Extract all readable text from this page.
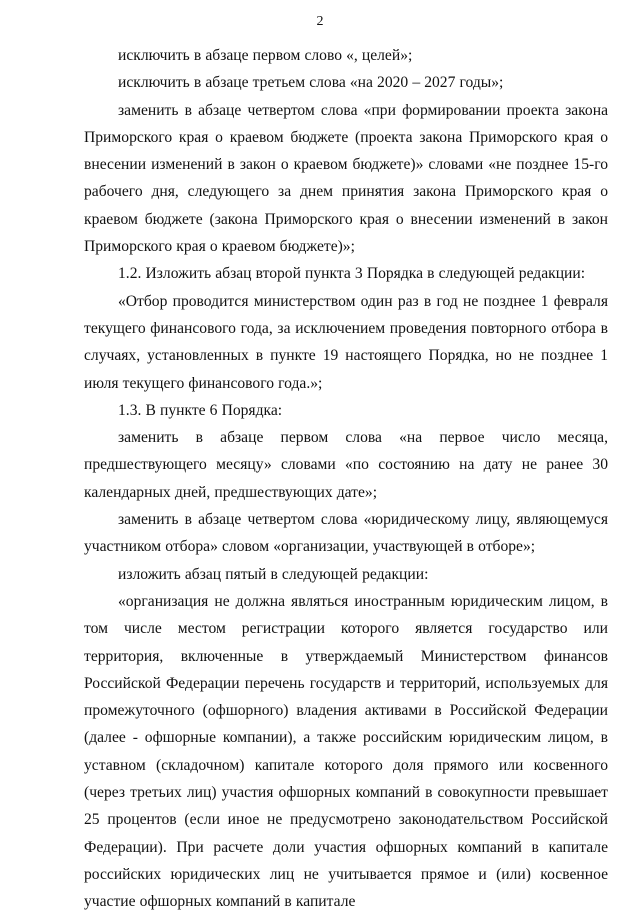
2

исключить в абзаце первом слово «, целей»;

исключить в абзаце третьем слова «на 2020 – 2027 годы»;

заменить в абзаце четвертом слова «при формировании проекта закона Приморского края о краевом бюджете (проекта закона Приморского края о внесении изменений в закон о краевом бюджете)» словами «не позднее 15-го рабочего дня, следующего за днем принятия закона Приморского края о краевом бюджете (закона Приморского края о внесении изменений в закон Приморского края о краевом бюджете)»;

1.2. Изложить абзац второй пункта 3 Порядка в следующей редакции:

«Отбор проводится министерством один раз в год не позднее 1 февраля текущего финансового года, за исключением проведения повторного отбора в случаях, установленных в пункте 19 настоящего Порядка, но не позднее 1 июля текущего финансового года.»;

1.3. В пункте 6 Порядка:

заменить в абзаце первом слова «на первое число месяца, предшествующего месяцу» словами «по состоянию на дату не ранее 30 календарных дней, предшествующих дате»;

заменить в абзаце четвертом слова «юридическому лицу, являющемуся участником отбора» словом «организации, участвующей в отборе»;

изложить абзац пятый в следующей редакции:

«организация не должна являться иностранным юридическим лицом, в том числе местом регистрации которого является государство или территория, включенные в утверждаемый Министерством финансов Российской Федерации перечень государств и территорий, используемых для промежуточного (офшорного) владения активами в Российской Федерации (далее - офшорные компании), а также российским юридическим лицом, в уставном (складочном) капитале которого доля прямого или косвенного (через третьих лиц) участия офшорных компаний в совокупности превышает 25 процентов (если иное не предусмотрено законодательством Российской Федерации). При расчете доли участия офшорных компаний в капитале российских юридических лиц не учитывается прямое и (или) косвенное участие офшорных компаний в капитале
